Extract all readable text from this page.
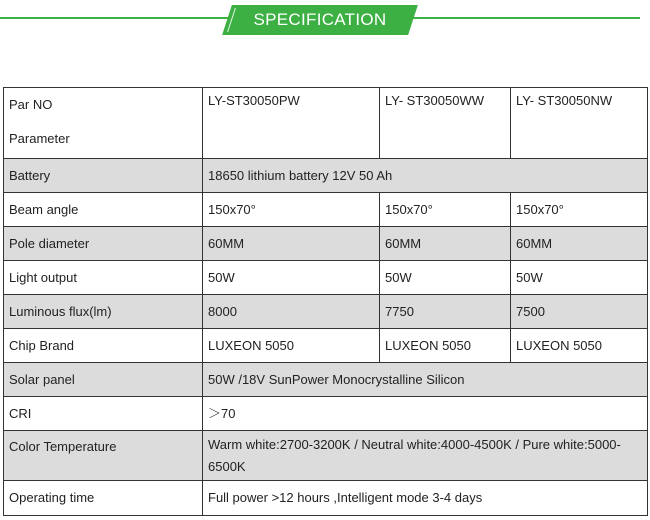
SPECIFICATION
Par NO
Parameter	LY-ST30050PW	LY- ST30050WW	LY- ST30050NW
Battery	18650 lithium battery 12V 50 Ah		
Beam angle	150x70°	150x70°	150x70°
Pole diameter	60MM	60MM	60MM
Light output	50W	50W	50W
Luminous flux(lm)	8000	7750	7500
Chip Brand	LUXEON 5050	LUXEON 5050	LUXEON 5050
Solar panel	50W /18V SunPower Monocrystalline Silicon		
CRI	＞70		
Color Temperature	Warm white:2700-3200K / Neutral white:4000-4500K / Pure white:5000-6500K		
Operating time	Full power >12 hours ,Intelligent mode 3-4 days		
